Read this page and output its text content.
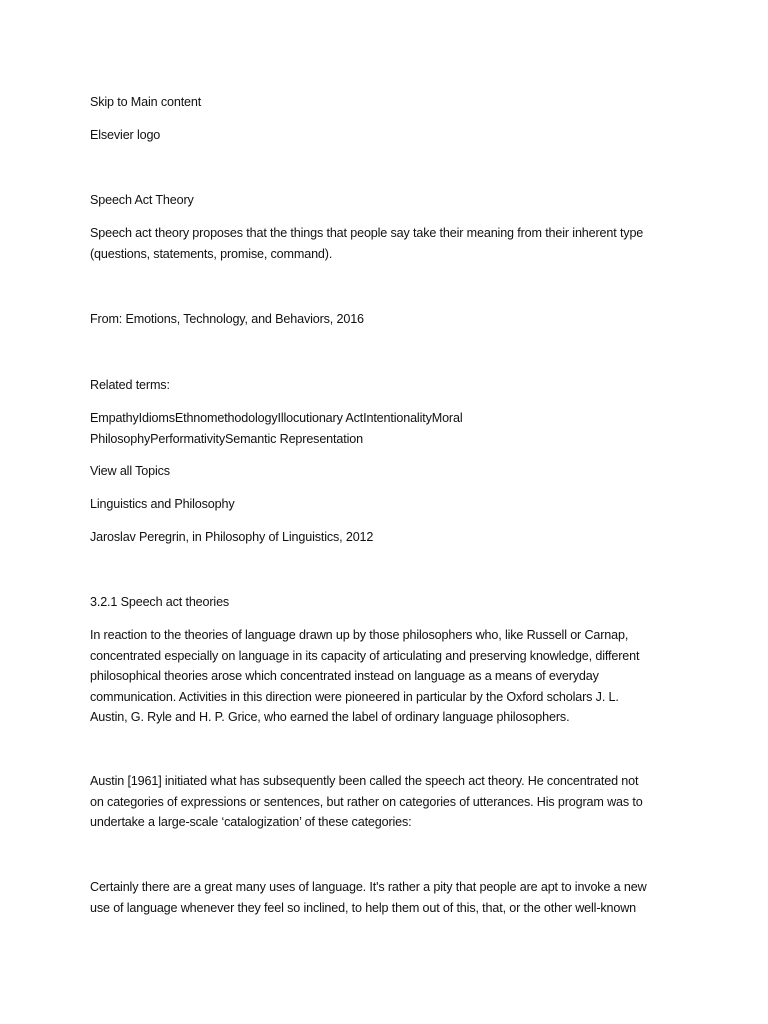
Skip to Main content
Elsevier logo
Speech Act Theory
Speech act theory proposes that the things that people say take their meaning from their inherent type
(questions, statements, promise, command).
From: Emotions, Technology, and Behaviors, 2016
Related terms:
EmpathyIdiomsEthnomethodologyIllocutionary ActIntentionalityMoral
PhilosophyPerformativitySemantic Representation
View all Topics
Linguistics and Philosophy
Jaroslav Peregrin, in Philosophy of Linguistics, 2012
3.2.1 Speech act theories
In reaction to the theories of language drawn up by those philosophers who, like Russell or Carnap,
concentrated especially on language in its capacity of articulating and preserving knowledge, different
philosophical theories arose which concentrated instead on language as a means of everyday
communication. Activities in this direction were pioneered in particular by the Oxford scholars J. L.
Austin, G. Ryle and H. P. Grice, who earned the label of ordinary language philosophers.
Austin [1961] initiated what has subsequently been called the speech act theory. He concentrated not
on categories of expressions or sentences, but rather on categories of utterances. His program was to
undertake a large-scale ‘catalogization’ of these categories:
Certainly there are a great many uses of language. It's rather a pity that people are apt to invoke a new
use of language whenever they feel so inclined, to help them out of this, that, or the other well-known
